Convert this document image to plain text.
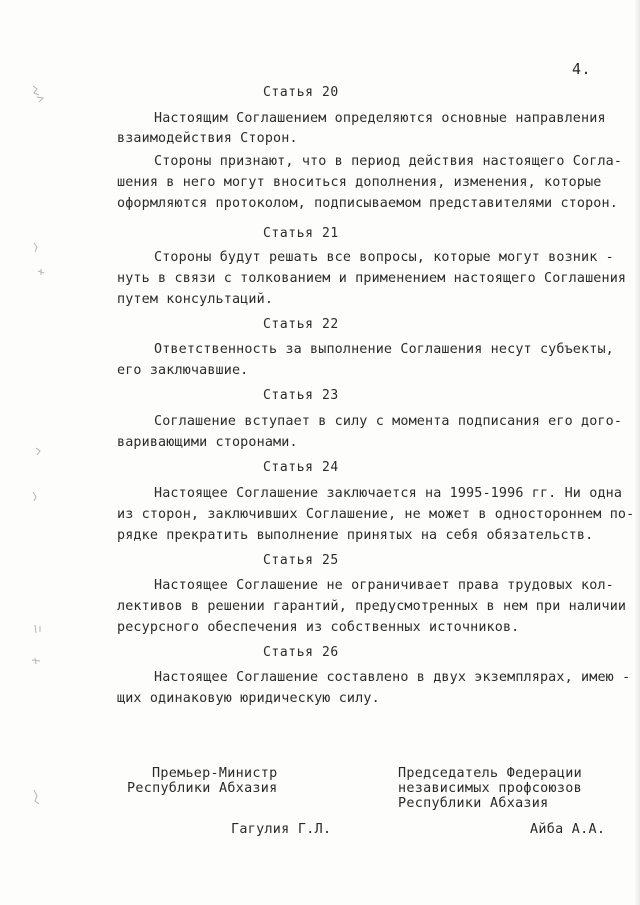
4.
Статья 20
Настоящим Соглашением определяются основные направления
взаимодействия Сторон.
Стороны признают, что в период действия настоящего Согла-
шения в него могут вноситься дополнения, изменения, которые
оформляются протоколом, подписываемом представителями сторон.
Статья 21
Стороны будут решать все вопросы, которые могут возник -
нуть в связи с толкованием и применением настоящего Соглашения
путем консультаций.
Статья 22
Ответственность за выполнение Соглашения несут субъекты,
его заключавшие.
Статья 23
Соглашение вступает в силу с момента подписания его дого-
варивающими сторонами.
Статья 24
Настоящее Соглашение заключается на 1995-1996 гг. Ни одна
из сторон, заключивших Соглашение, не может в одностороннем по-
рядке прекратить выполнение принятых на себя обязательств.
Статья 25
Настоящее Соглашение не ограничивает права трудовых кол-
лективов в решении гарантий, предусмотренных в нем при наличии
ресурсного обеспечения из собственных источников.
Статья 26
Настоящее Соглашение составлено в двух экземплярах, имею -
щих одинаковую юридическую силу.
Премьер-Министр
Республики Абхазия
Гагулия Г.Л.
Председатель Федерации
независимых профсоюзов
Республики Абхазия
Айба А.А.
